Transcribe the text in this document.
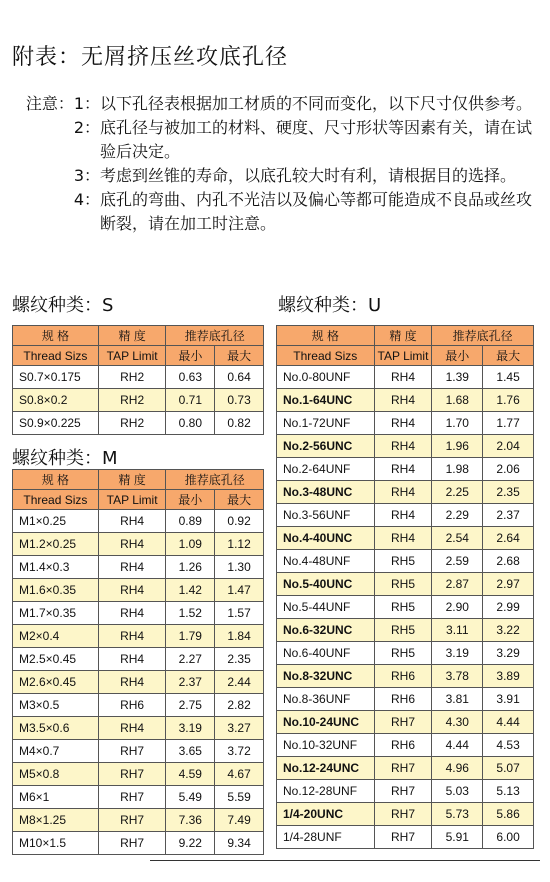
附表：无屑挤压丝攻底孔径
注意：1： 以下孔径表根据加工材质的不同而变化，以下尺寸仅供参考。
2： 底孔径与被加工的材料、硬度、尺寸形状等因素有关，请在试验后决定。
3： 考虑到丝锥的寿命，以底孔较大时有利，请根据目的选择。
4： 底孔的弯曲、内孔不光洁以及偏心等都可能造成不良品或丝攻断裂，请在加工时注意。
螺纹种类：S
螺纹种类：M
螺纹种类：U
规 格	精 度	推荐底孔径	
Thread Sizs	TAP Limit	最小	最大
S0.7×0.175	RH2	0.63	0.64
S0.8×0.2	RH2	0.71	0.73
S0.9×0.225	RH2	0.80	0.82
规 格	精 度	推荐底孔径	
Thread Sizs	TAP Limit	最小	最大
M1×0.25	RH4	0.89	0.92
M1.2×0.25	RH4	1.09	1.12
M1.4×0.3	RH4	1.26	1.30
M1.6×0.35	RH4	1.42	1.47
M1.7×0.35	RH4	1.52	1.57
M2×0.4	RH4	1.79	1.84
M2.5×0.45	RH4	2.27	2.35
M2.6×0.45	RH4	2.37	2.44
M3×0.5	RH6	2.75	2.82
M3.5×0.6	RH4	3.19	3.27
M4×0.7	RH7	3.65	3.72
M5×0.8	RH7	4.59	4.67
M6×1	RH7	5.49	5.59
M8×1.25	RH7	7.36	7.49
M10×1.5	RH7	9.22	9.34
规 格	精 度	推荐底孔径	
Thread Sizs	TAP Limit	最小	最大
No.0-80UNF	RH4	1.39	1.45
No.1-64UNC	RH4	1.68	1.76
No.1-72UNF	RH4	1.70	1.77
No.2-56UNC	RH4	1.96	2.04
No.2-64UNF	RH4	1.98	2.06
No.3-48UNC	RH4	2.25	2.35
No.3-56UNF	RH4	2.29	2.37
No.4-40UNC	RH4	2.54	2.64
No.4-48UNF	RH5	2.59	2.68
No.5-40UNC	RH5	2.87	2.97
No.5-44UNF	RH5	2.90	2.99
No.6-32UNC	RH5	3.11	3.22
No.6-40UNF	RH5	3.19	3.29
No.8-32UNC	RH6	3.78	3.89
No.8-36UNF	RH6	3.81	3.91
No.10-24UNC	RH7	4.30	4.44
No.10-32UNF	RH6	4.44	4.53
No.12-24UNC	RH7	4.96	5.07
No.12-28UNF	RH7	5.03	5.13
1/4-20UNC	RH7	5.73	5.86
1/4-28UNF	RH7	5.91	6.00
